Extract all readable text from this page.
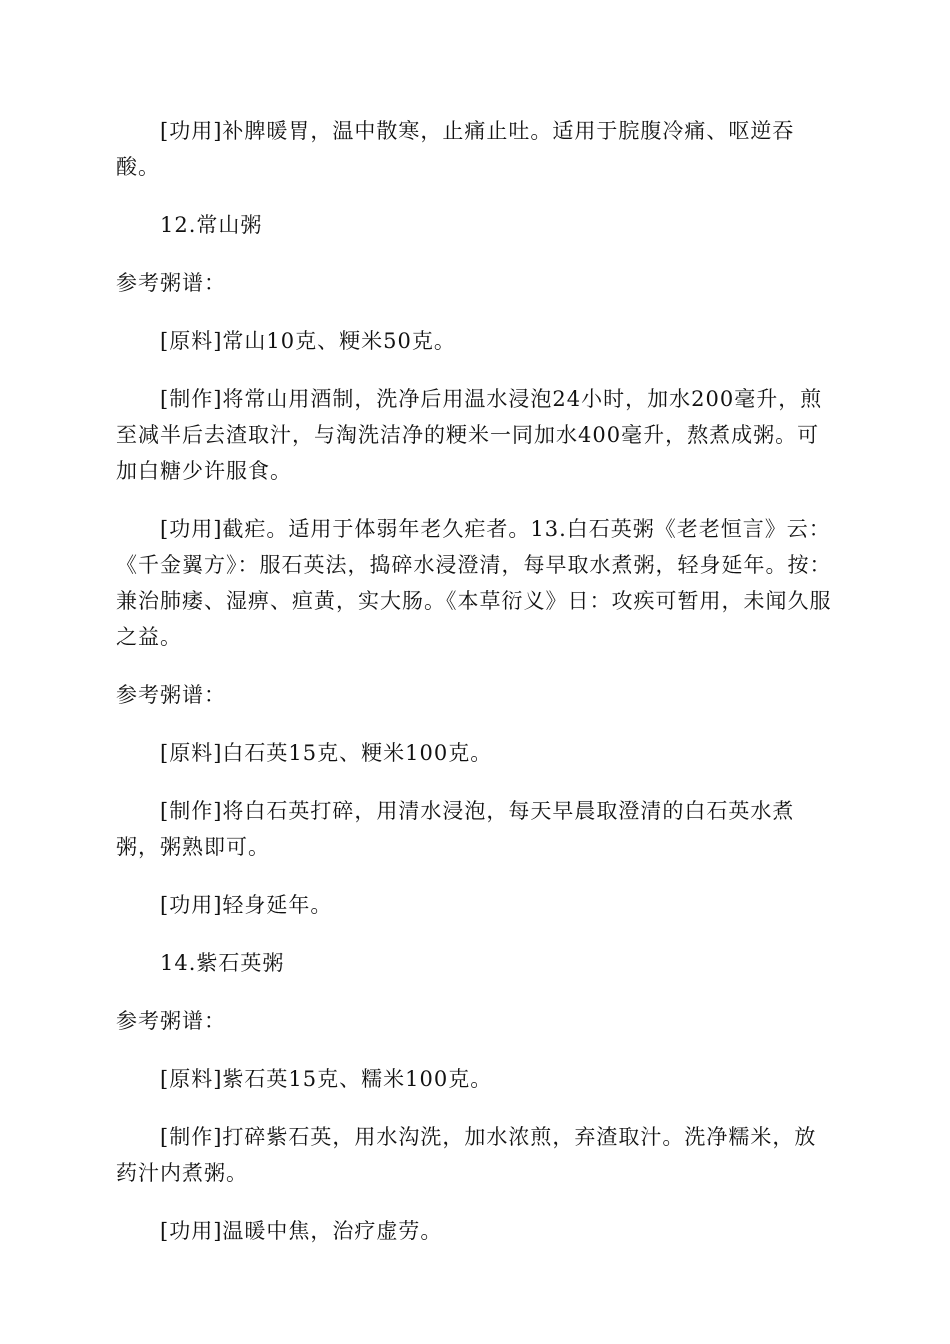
[功用]补脾暖胃，温中散寒，止痛止吐。适用于脘腹冷痛、呕逆吞酸。

12.常山粥

参考粥谱：

[原料]常山10克、粳米50克。

[制作]将常山用酒制，洗净后用温水浸泡24小时，加水200毫升，煎至减半后去渣取汁，与淘洗洁净的粳米一同加水400毫升，熬煮成粥。可加白糖少许服食。

[功用]截疟。适用于体弱年老久疟者。13.白石英粥《老老恒言》云：《千金翼方》：服石英法，捣碎水浸澄清，每早取水煮粥，轻身延年。按：兼治肺痿、湿痹、疸黄，实大肠。《本草衍义》日：攻疾可暂用，未闻久服之益。

参考粥谱：

[原料]白石英15克、粳米100克。

[制作]将白石英打碎，用清水浸泡，每天早晨取澄清的白石英水煮粥，粥熟即可。

[功用]轻身延年。

14.紫石英粥

参考粥谱：

[原料]紫石英15克、糯米100克。

[制作]打碎紫石英，用水沟洗，加水浓煎，弃渣取汁。洗净糯米，放药汁内煮粥。

[功用]温暖中焦，治疗虚劳。
